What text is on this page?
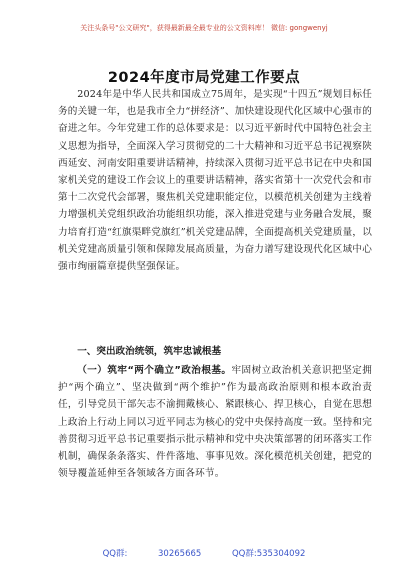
关注头条号"公文研究"，获得最新最全最专业的公文资料库！ 微信: gongwenyj
2024年度市局党建工作要点
2024年是中华人民共和国成立75周年，是实现“十四五”规划目标任务的关键一年，也是我市全力“拼经济”、加快建设现代化区域中心强市的奋进之年。今年党建工作的总体要求是：以习近平新时代中国特色社会主义思想为指导，全面深入学习贯彻党的二十大精神和习近平总书记视察陕西延安、河南安阳重要讲话精神，持续深入贯彻习近平总书记在中央和国家机关党的建设工作会议上的重要讲话精神，落实省第十一次党代会和市第十二次党代会部署，聚焦机关党建职能定位，以模范机关创建为主线着力增强机关党组织政治功能组织功能，深入推进党建与业务融合发展，聚力培育打造“红旗渠畔党旗红”机关党建品牌，全面提高机关党建质量，以机关党建高质量引领和保障发展高质量，为奋力谱写建设现代化区域中心强市绚丽篇章提供坚强保证。
一、突出政治统领，筑牢忠诚根基
（一）筑牢“两个确立”政治根基。牢固树立政治机关意识把坚定拥护“两个确立”、坚决做到“两个维护”作为最高政治原则和根本政治责任，引导党员干部矢志不渝拥戴核心、紧跟核心、捍卫核心，自觉在思想上政治上行动上同以习近平同志为核心的党中央保持高度一致。坚持和完善贯彻习近平总书记重要指示批示精神和党中央决策部署的闭环落实工作机制，确保条条落实、件件落地、事事见效。深化模范机关创建，把党的领导覆盖延伸至各领域各方面各环节。
QQ群: 30265665 QQ群:535304092
